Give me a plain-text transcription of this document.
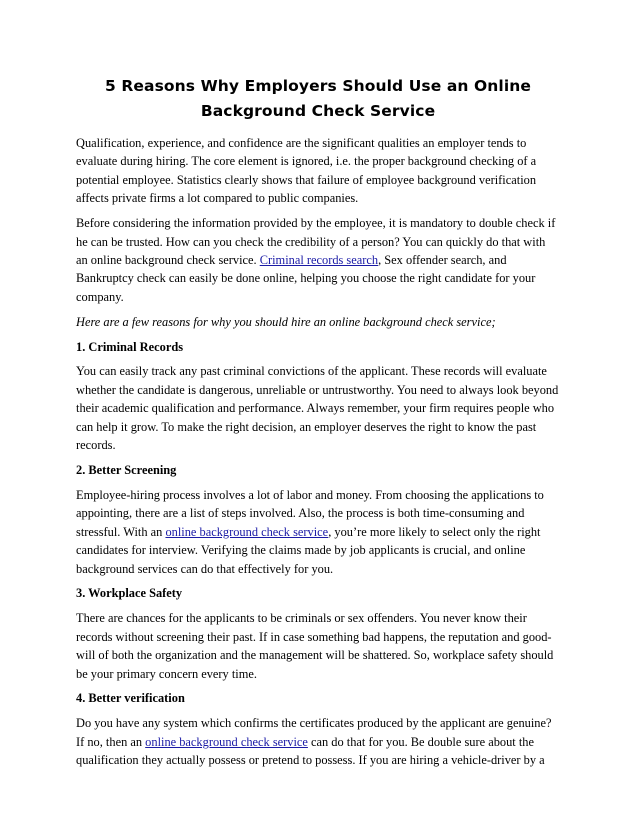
5 Reasons Why Employers Should Use an Online Background Check Service

Qualification, experience, and confidence are the significant qualities an employer tends to evaluate during hiring. The core element is ignored, i.e. the proper background checking of a potential employee. Statistics clearly shows that failure of employee background verification affects private firms a lot compared to public companies.

Before considering the information provided by the employee, it is mandatory to double check if he can be trusted. How can you check the credibility of a person? You can quickly do that with an online background check service. Criminal records search, Sex offender search, and Bankruptcy check can easily be done online, helping you choose the right candidate for your company.

Here are a few reasons for why you should hire an online background check service;

1. Criminal Records

You can easily track any past criminal convictions of the applicant. These records will evaluate whether the candidate is dangerous, unreliable or untrustworthy. You need to always look beyond their academic qualification and performance. Always remember, your firm requires people who can help it grow. To make the right decision, an employer deserves the right to know the past records.

2. Better Screening

Employee-hiring process involves a lot of labor and money. From choosing the applications to appointing, there are a list of steps involved. Also, the process is both time-consuming and stressful. With an online background check service, you’re more likely to select only the right candidates for interview. Verifying the claims made by job applicants is crucial, and online background services can do that effectively for you.

3. Workplace Safety

There are chances for the applicants to be criminals or sex offenders. You never know their records without screening their past. If in case something bad happens, the reputation and good-will of both the organization and the management will be shattered. So, workplace safety should be your primary concern every time.

4. Better verification

Do you have any system which confirms the certificates produced by the applicant are genuine? If no, then an online background check service can do that for you. Be double sure about the qualification they actually possess or pretend to possess. If you are hiring a vehicle-driver by a
